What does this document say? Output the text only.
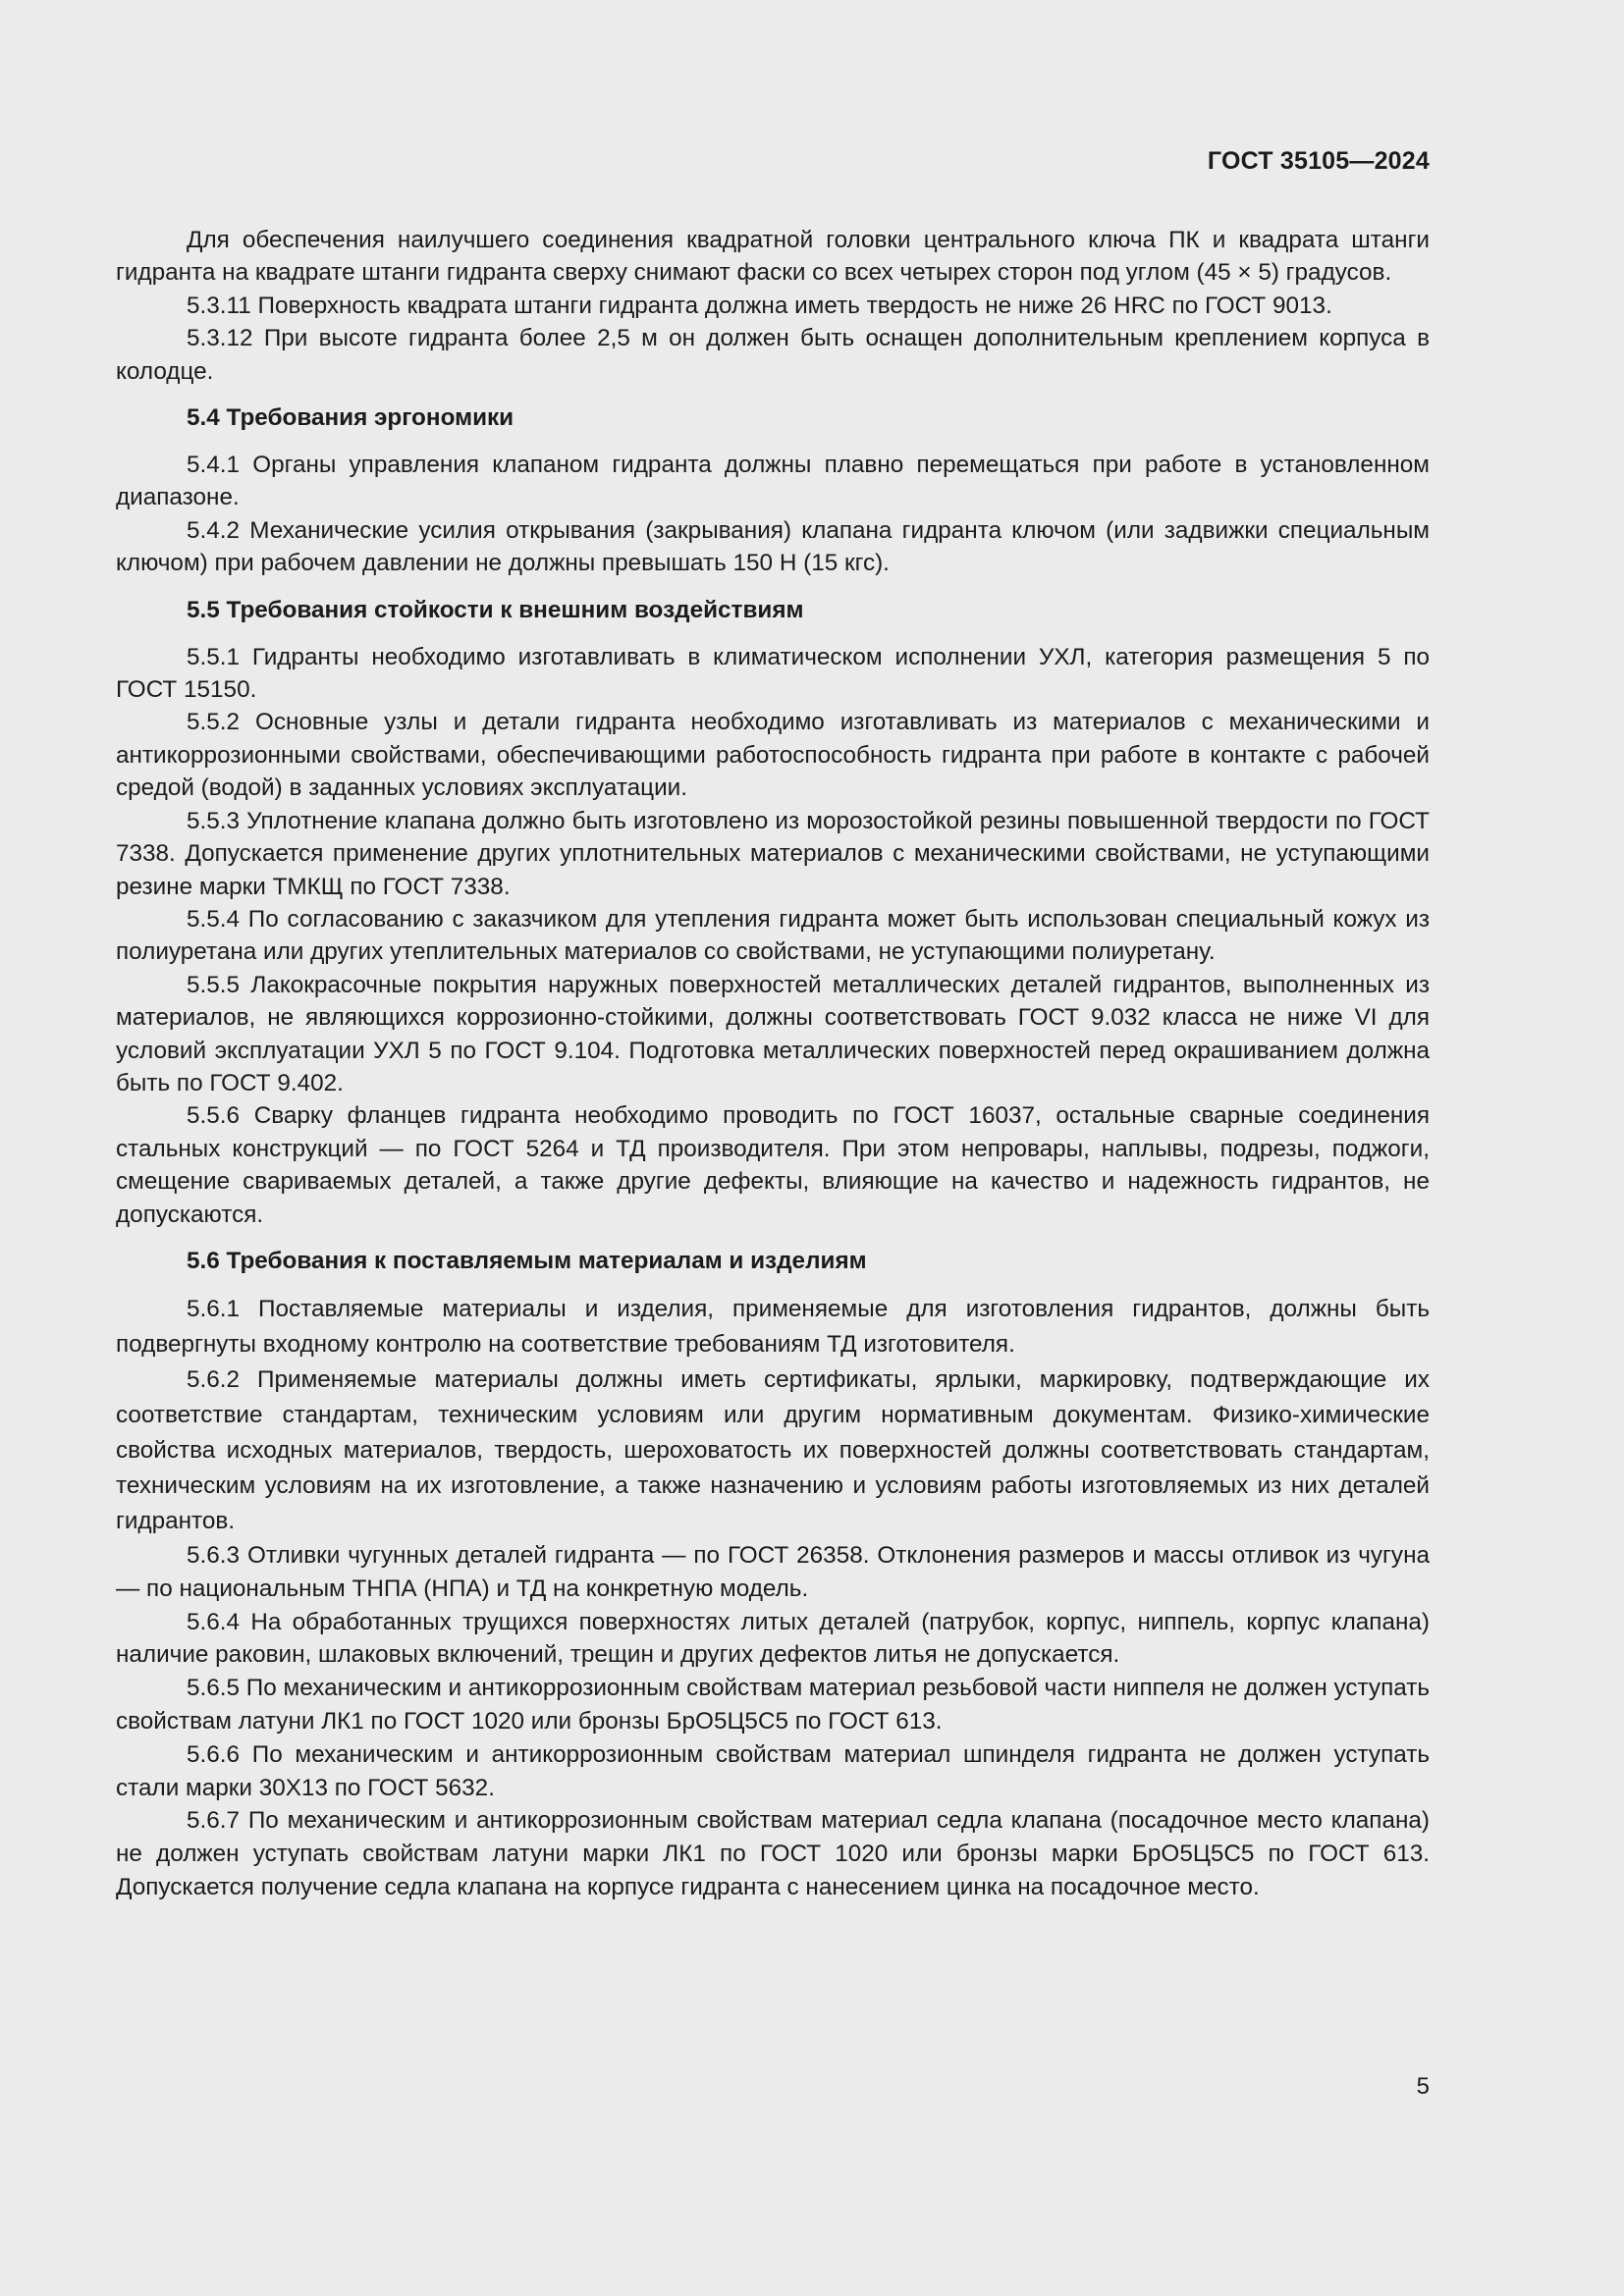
ГОСТ 35105—2024

Для обеспечения наилучшего соединения квадратной головки центрального ключа ПК и квадрата штанги гидранта на квадрате штанги гидранта сверху снимают фаски со всех четырех сторон под углом (45 × 5) градусов.

5.3.11 Поверхность квадрата штанги гидранта должна иметь твердость не ниже 26 HRC по ГОСТ 9013.

5.3.12 При высоте гидранта более 2,5 м он должен быть оснащен дополнительным креплением корпуса в колодце.

5.4 Требования эргономики

5.4.1 Органы управления клапаном гидранта должны плавно перемещаться при работе в установленном диапазоне.

5.4.2 Механические усилия открывания (закрывания) клапана гидранта ключом (или задвижки специальным ключом) при рабочем давлении не должны превышать 150 Н (15 кгс).

5.5 Требования стойкости к внешним воздействиям

5.5.1 Гидранты необходимо изготавливать в климатическом исполнении УХЛ, категория размещения 5 по ГОСТ 15150.

5.5.2 Основные узлы и детали гидранта необходимо изготавливать из материалов с механическими и антикоррозионными свойствами, обеспечивающими работоспособность гидранта при работе в контакте с рабочей средой (водой) в заданных условиях эксплуатации.

5.5.3 Уплотнение клапана должно быть изготовлено из морозостойкой резины повышенной твердости по ГОСТ 7338. Допускается применение других уплотнительных материалов с механическими свойствами, не уступающими резине марки ТМКЩ по ГОСТ 7338.

5.5.4 По согласованию с заказчиком для утепления гидранта может быть использован специальный кожух из полиуретана или других утеплительных материалов со свойствами, не уступающими полиуретану.

5.5.5 Лакокрасочные покрытия наружных поверхностей металлических деталей гидрантов, выполненных из материалов, не являющихся коррозионно-стойкими, должны соответствовать ГОСТ 9.032 класса не ниже VI для условий эксплуатации УХЛ 5 по ГОСТ 9.104. Подготовка металлических поверхностей перед окрашиванием должна быть по ГОСТ 9.402.

5.5.6 Сварку фланцев гидранта необходимо проводить по ГОСТ 16037, остальные сварные соединения стальных конструкций — по ГОСТ 5264 и ТД производителя. При этом непровары, наплывы, подрезы, поджоги, смещение свариваемых деталей, а также другие дефекты, влияющие на качество и надежность гидрантов, не допускаются.

5.6 Требования к поставляемым материалам и изделиям

5.6.1 Поставляемые материалы и изделия, применяемые для изготовления гидрантов, должны быть подвергнуты входному контролю на соответствие требованиям ТД изготовителя.

5.6.2 Применяемые материалы должны иметь сертификаты, ярлыки, маркировку, подтверждающие их соответствие стандартам, техническим условиям или другим нормативным документам. Физико-химические свойства исходных материалов, твердость, шероховатость их поверхностей должны соответствовать стандартам, техническим условиям на их изготовление, а также назначению и условиям работы изготовляемых из них деталей гидрантов.

5.6.3 Отливки чугунных деталей гидранта — по ГОСТ 26358. Отклонения размеров и массы отливок из чугуна — по национальным ТНПА (НПА) и ТД на конкретную модель.

5.6.4 На обработанных трущихся поверхностях литых деталей (патрубок, корпус, ниппель, корпус клапана) наличие раковин, шлаковых включений, трещин и других дефектов литья не допускается.

5.6.5 По механическим и антикоррозионным свойствам материал резьбовой части ниппеля не должен уступать свойствам латуни ЛК1 по ГОСТ 1020 или бронзы БрО5Ц5С5 по ГОСТ 613.

5.6.6 По механическим и антикоррозионным свойствам материал шпинделя гидранта не должен уступать стали марки 30Х13 по ГОСТ 5632.

5.6.7 По механическим и антикоррозионным свойствам материал седла клапана (посадочное место клапана) не должен уступать свойствам латуни марки ЛК1 по ГОСТ 1020 или бронзы марки БрО5Ц5С5 по ГОСТ 613. Допускается получение седла клапана на корпусе гидранта с нанесением цинка на посадочное место.

5
